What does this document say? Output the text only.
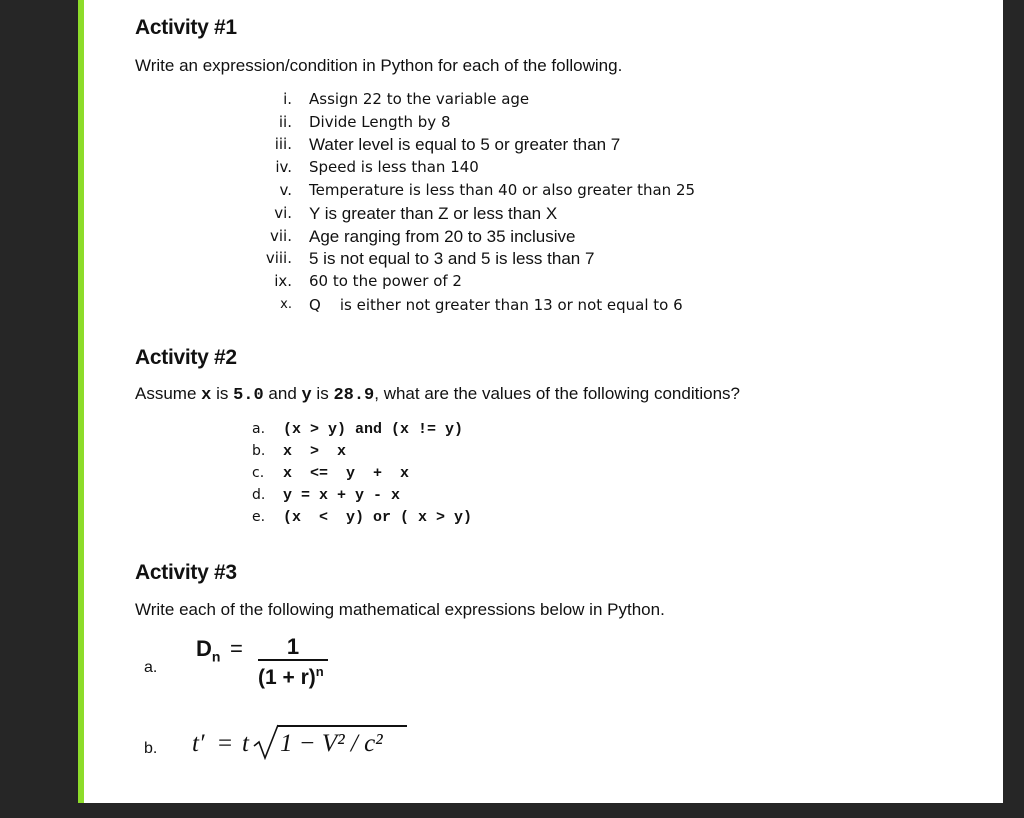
Activity #1
Write an expression/condition in Python for each of the following.
i. Assign 22 to the variable age
ii. Divide Length by 8
iii. Water level is equal to 5 or greater than 7
iv. Speed is less than 140
v. Temperature is less than 40 or also greater than 25
vi. Y is greater than Z or less than X
vii. Age ranging from 20 to 35 inclusive
viii. 5 is not equal to 3 and 5 is less than 7
ix. 60 to the power of 2
x. Q    is either not greater than 13 or not equal to 6
Activity #2
Assume x is 5.0 and y is 28.9, what are the values of the following conditions?
a. (x > y) and (x != y)
b. x  >  x
c. x  <=  y  +  x
d. y = x + y - x
e. (x  <  y) or ( x > y)
Activity #3
Write each of the following mathematical expressions below in Python.
a.
$D_n$ =	1
$(1 + r)^n$
b. t′ = t 1 − V² / c²
